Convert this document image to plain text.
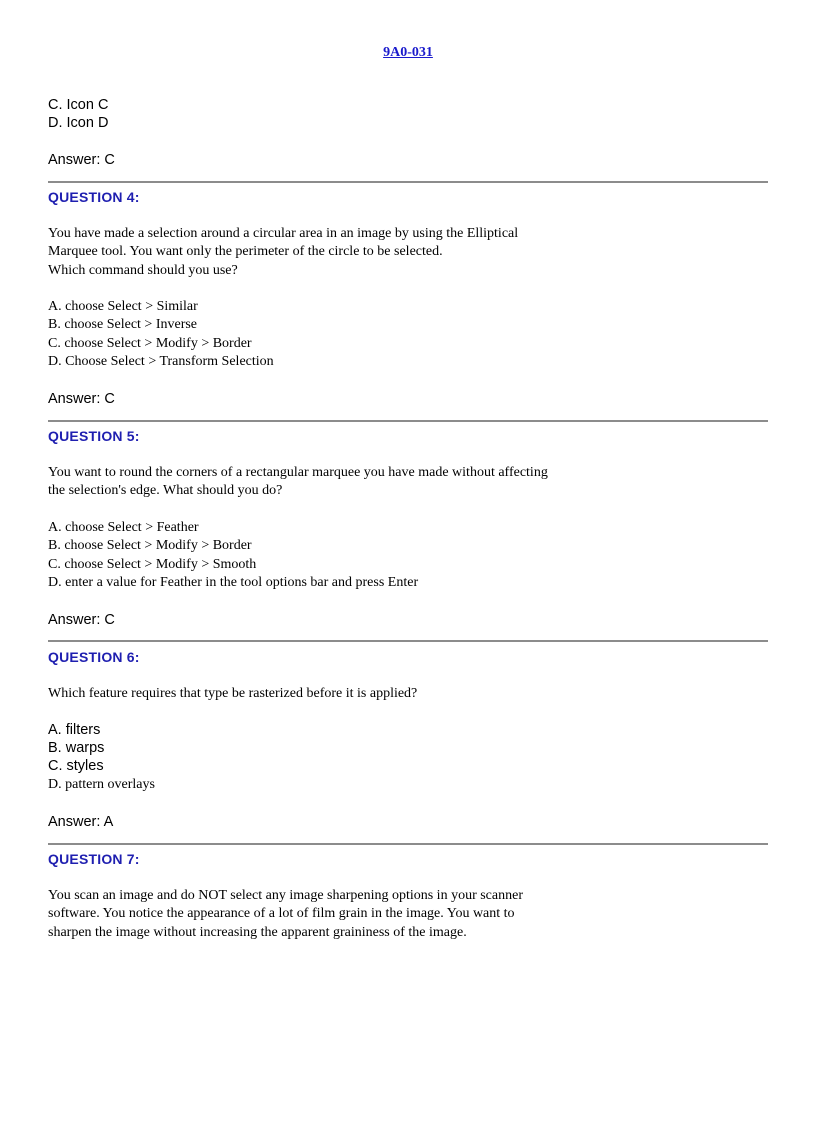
9A0-031
C. Icon C
D. Icon D
Answer: C
QUESTION 4:
You have made a selection around a circular area in an image by using the Elliptical
Marquee tool. You want only the perimeter of the circle to be selected.
Which command should you use?
A. choose Select > Similar
B. choose Select > Inverse
C. choose Select > Modify > Border
D. Choose Select > Transform Selection
Answer: C
QUESTION 5:
You want to round the corners of a rectangular marquee you have made without affecting
the selection's edge. What should you do?
A. choose Select > Feather
B. choose Select > Modify > Border
C. choose Select > Modify > Smooth
D. enter a value for Feather in the tool options bar and press Enter
Answer: C
QUESTION 6:
Which feature requires that type be rasterized before it is applied?
A. filters
B. warps
C. styles
D. pattern overlays
Answer: A
QUESTION 7:
You scan an image and do NOT select any image sharpening options in your scanner
software. You notice the appearance of a lot of film grain in the image. You want to
sharpen the image without increasing the apparent graininess of the image.
